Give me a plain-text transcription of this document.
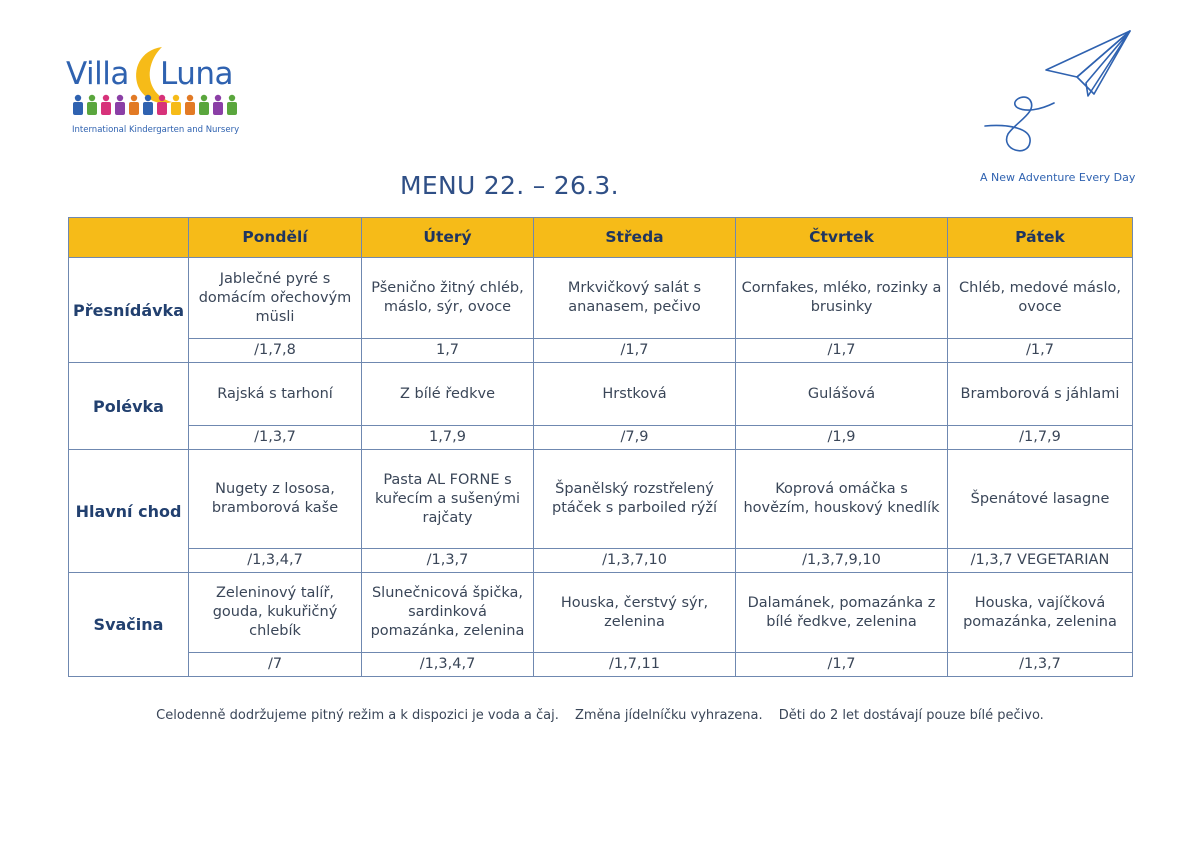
Villa Luna
International Kindergarten and Nursery
A New Adventure Every Day
MENU 22. – 26.3.
	Pondělí	Úterý	Středa	Čtvrtek	Pátek
Přesnídávka	Jablečné pyré s domácím ořechovým müsli	Pšenično žitný chléb, máslo, sýr, ovoce	Mrkvičkový salát s ananasem, pečivo	Cornfakes, mléko, rozinky a brusinky	Chléb, medové máslo, ovoce
	/1,7,8	1,7	/1,7	/1,7	/1,7
Polévka	Rajská s tarhoní	Z bílé ředkve	Hrstková	Gulášová	Bramborová s jáhlami
	/1,3,7	1,7,9	/7,9	/1,9	/1,7,9
Hlavní chod	Nugety z lososa, bramborová kaše	Pasta AL FORNE s kuřecím a sušenými rajčaty	Španělský rozstřelený ptáček s parboiled rýží	Koprová omáčka s hovězím, houskový knedlík	Špenátové lasagne
	/1,3,4,7	/1,3,7	/1,3,7,10	/1,3,7,9,10	/1,3,7 VEGETARIAN
Svačina	Zeleninový talíř, gouda, kukuřičný chlebík	Slunečnicová špička, sardinková pomazánka, zelenina	Houska, čerstvý sýr, zelenina	Dalamánek, pomazánka z bílé ředkve, zelenina	Houska, vajíčková pomazánka, zelenina
	/7	/1,3,4,7	/1,7,11	/1,7	/1,3,7
Celodenně dodržujeme pitný režim a k dispozici je voda a čaj. Změna jídelníčku vyhrazena. Děti do 2 let dostávají pouze bílé pečivo.
